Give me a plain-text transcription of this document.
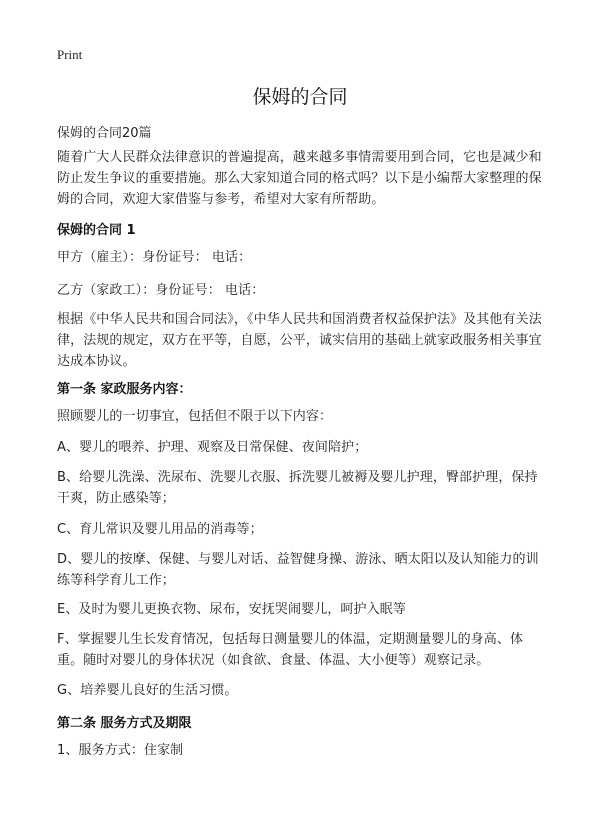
Print
保姆的合同
保姆的合同20篇

随着广大人民群众法律意识的普遍提高，越来越多事情需要用到合同，它也是减少和防止发生争议的重要措施。那么大家知道合同的格式吗？以下是小编帮大家整理的保姆的合同，欢迎大家借鉴与参考，希望对大家有所帮助。

保姆的合同 1

甲方（雇主）：身份证号： 电话：

乙方（家政工）：身份证号： 电话：

根据《中华人民共和国合同法》，《中华人民共和国消费者权益保护法》及其他有关法律，法规的规定，双方在平等，自愿，公平，诚实信用的基础上就家政服务相关事宜达成本协议。

第一条 家政服务内容：

照顾婴儿的一切事宜，包括但不限于以下内容：

A、婴儿的喂养、护理、观察及日常保健、夜间陪护；

B、给婴儿洗澡、洗尿布、洗婴儿衣服、拆洗婴儿被褥及婴儿护理，臀部护理，保持干爽，防止感染等；

C、育儿常识及婴儿用品的消毒等；

D、婴儿的按摩、保健、与婴儿对话、益智健身操、游泳、晒太阳以及认知能力的训练等科学育儿工作；

E、及时为婴儿更换衣物、尿布，安抚哭闹婴儿，呵护入眠等

F、掌握婴儿生长发育情况，包括每日测量婴儿的体温，定期测量婴儿的身高、体重。随时对婴儿的身体状况（如食欲、食量、体温、大小便等）观察记录。

G、培养婴儿良好的生活习惯。

第二条 服务方式及期限

1、服务方式：住家制
